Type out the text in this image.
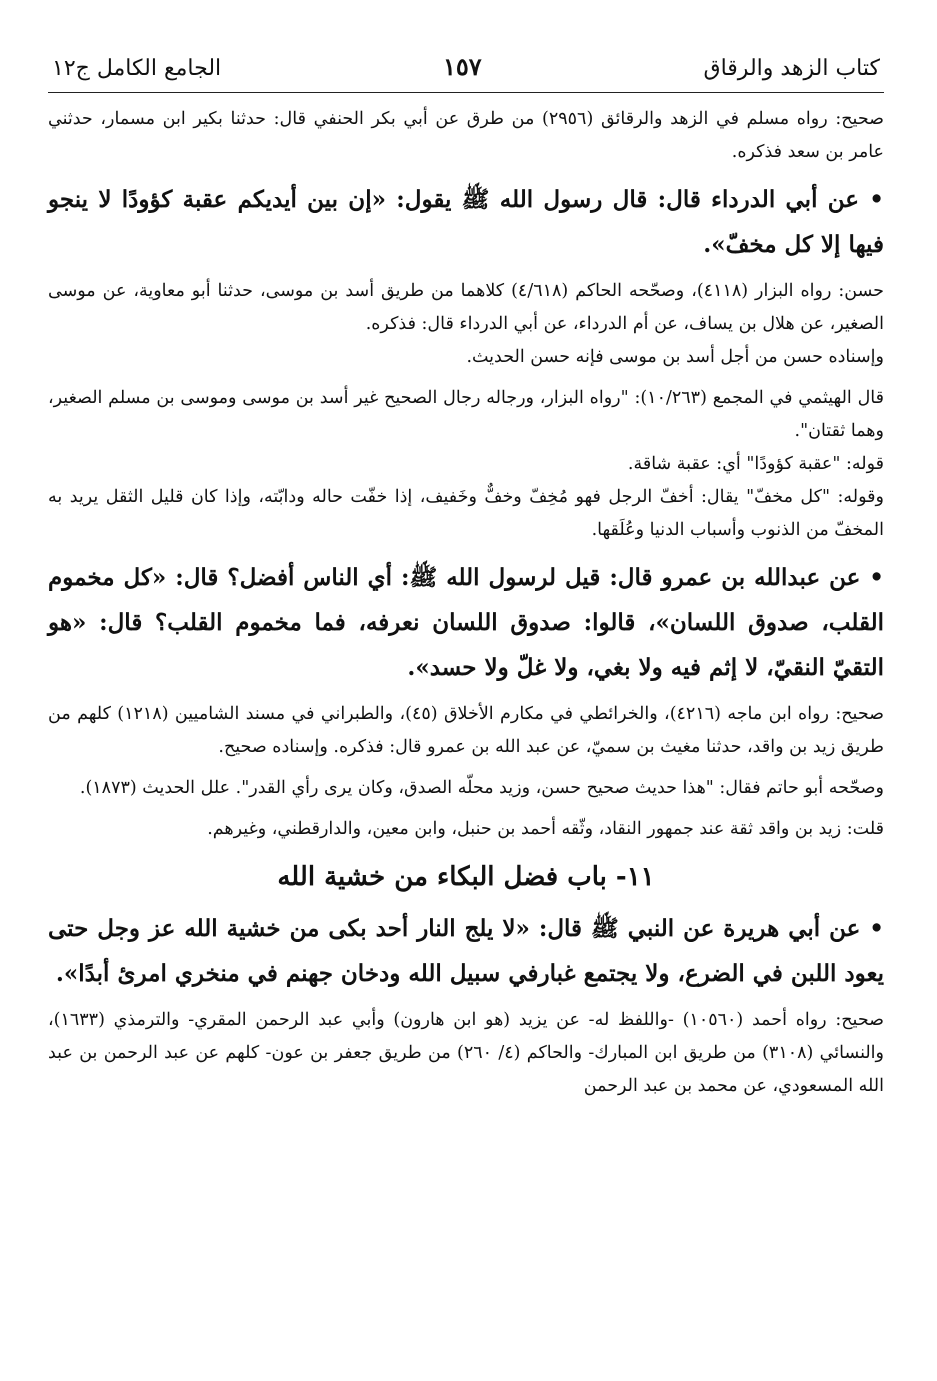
كتاب الزهد والرقاق
١٥٧
الجامع الكامل ج١٢

صحيح: رواه مسلم في الزهد والرقائق (٢٩٥٦) من طرق عن أبي بكر الحنفي قال: حدثنا بكير ابن مسمار، حدثني عامر بن سعد فذكره.

• عن أبي الدرداء قال: قال رسول الله ﷺ يقول: «إن بين أيديكم عقبة كؤودًا لا ينجو فيها إلا كل مخفّ».

حسن: رواه البزار (٤١١٨)، وصحّحه الحاكم (٤/٦١٨) كلاهما من طريق أسد بن موسى، حدثنا أبو معاوية، عن موسى الصغير، عن هلال بن يساف، عن أم الدرداء، عن أبي الدرداء قال: فذكره.

وإسناده حسن من أجل أسد بن موسى فإنه حسن الحديث.

قال الهيثمي في المجمع (١٠/٢٦٣): "رواه البزار، ورجاله رجال الصحيح غير أسد بن موسى وموسى بن مسلم الصغير، وهما ثقتان".

قوله: "عقبة كؤودًا" أي: عقبة شاقة.

وقوله: "كل مخفّ" يقال: أخفّ الرجل فهو مُخِفّ وخفٌّ وخَفيف، إذا خفّت حاله ودابّته، وإذا كان قليل الثقل يريد به المخفّ من الذنوب وأسباب الدنيا وعُلَقها.

• عن عبدالله بن عمرو قال: قيل لرسول الله ﷺ: أي الناس أفضل؟ قال: «كل مخموم القلب، صدوق اللسان»، قالوا: صدوق اللسان نعرفه، فما مخموم القلب؟ قال: «هو التقيّ النقيّ، لا إثم فيه ولا بغي، ولا غلّ ولا حسد».

صحيح: رواه ابن ماجه (٤٢١٦)، والخرائطي في مكارم الأخلاق (٤٥)، والطبراني في مسند الشاميين (١٢١٨) كلهم من طريق زيد بن واقد، حدثنا مغيث بن سميّ، عن عبد الله بن عمرو قال: فذكره. وإسناده صحيح.

وصحّحه أبو حاتم فقال: "هذا حديث صحيح حسن، وزيد محلّه الصدق، وكان يرى رأي القدر". علل الحديث (١٨٧٣).

قلت: زيد بن واقد ثقة عند جمهور النقاد، وثّقه أحمد بن حنبل، وابن معين، والدارقطني، وغيرهم.

١١- باب فضل البكاء من خشية الله

• عن أبي هريرة عن النبي ﷺ قال: «لا يلج النار أحد بكى من خشية الله عز وجل حتى يعود اللبن في الضرع، ولا يجتمع غبارفي سبيل الله ودخان جهنم في منخري امرئ أبدًا».

صحيح: رواه أحمد (١٠٥٦٠) -واللفظ له- عن يزيد (هو ابن هارون) وأبي عبد الرحمن المقري- والترمذي (١٦٣٣)، والنسائي (٣١٠٨) من طريق ابن المبارك- والحاكم (٤/ ٢٦٠) من طريق جعفر بن عون- كلهم عن عبد الرحمن بن عبد الله المسعودي، عن محمد بن عبد الرحمن
